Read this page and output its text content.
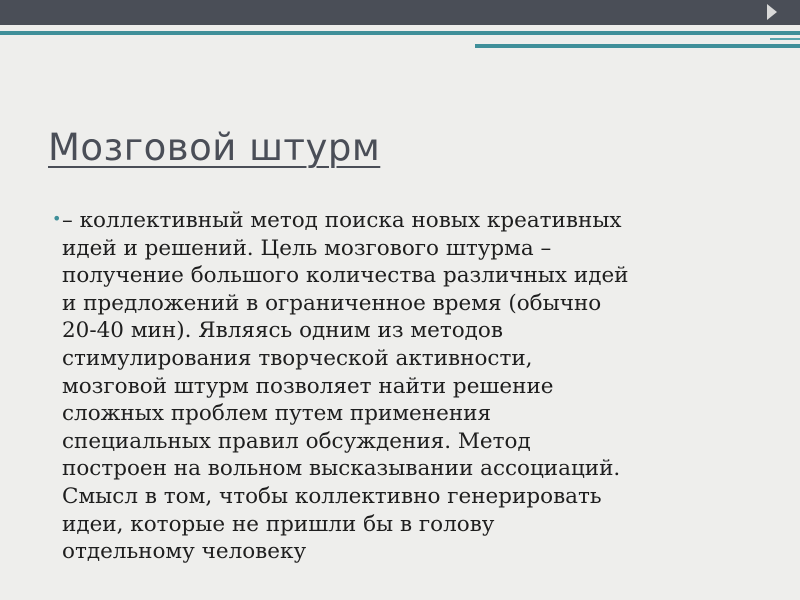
Мозговой штурм
• – коллективный метод поиска новых креативных
идей и решений. Цель мозгового штурма –
получение большого количества различных идей
и предложений в ограниченное время (обычно
20-40 мин). Являясь одним из методов
стимулирования творческой активности,
мозговой штурм позволяет найти решение
сложных проблем путем применения
специальных правил обсуждения. Метод
построен на вольном высказывании ассоциаций.
Смысл в том, чтобы коллективно генерировать
идеи, которые не пришли бы в голову
отдельному человеку
